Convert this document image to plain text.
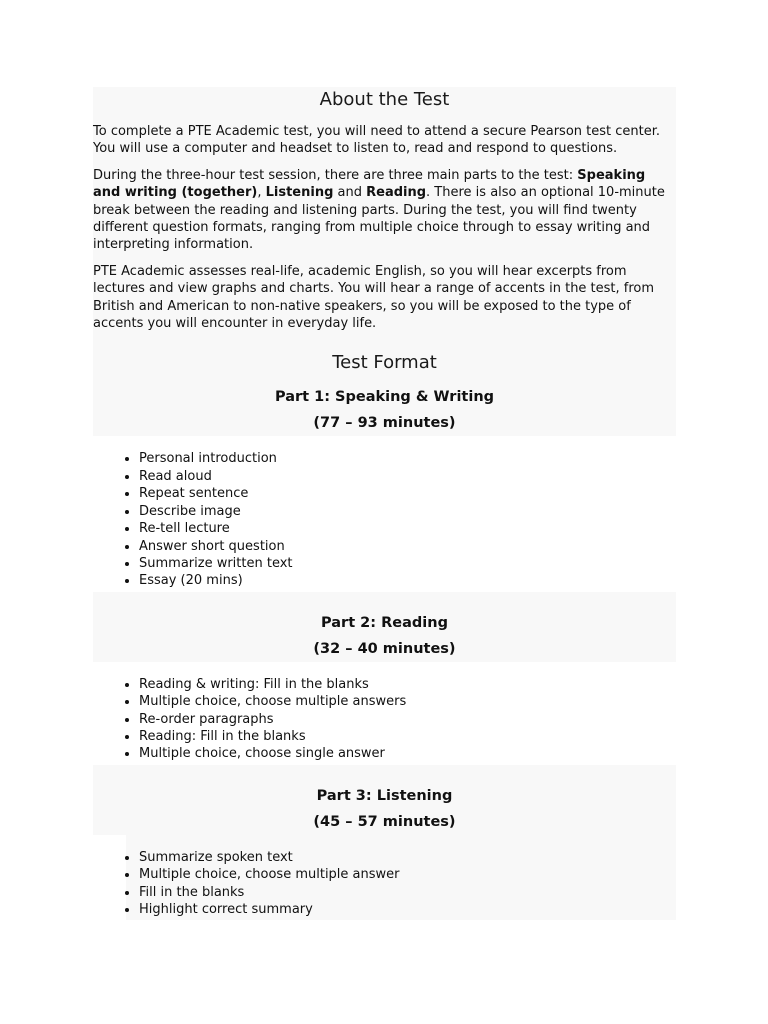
About the Test

To complete a PTE Academic test, you will need to attend a secure Pearson test center. You will use a computer and headset to listen to, read and respond to questions.

During the three-hour test session, there are three main parts to the test: Speaking and writing (together), Listening and Reading. There is also an optional 10-minute break between the reading and listening parts. During the test, you will find twenty different question formats, ranging from multiple choice through to essay writing and interpreting information.

PTE Academic assesses real-life, academic English, so you will hear excerpts from lectures and view graphs and charts. You will hear a range of accents in the test, from British and American to non-native speakers, so you will be exposed to the type of accents you will encounter in everyday life.

Test Format
Part 1: Speaking & Writing
(77 – 93 minutes)
• Personal introduction
• Read aloud
• Repeat sentence
• Describe image
• Re-tell lecture
• Answer short question
• Summarize written text
• Essay (20 mins)
Part 2: Reading
(32 – 40 minutes)
• Reading & writing: Fill in the blanks
• Multiple choice, choose multiple answers
• Re-order paragraphs
• Reading: Fill in the blanks
• Multiple choice, choose single answer
Part 3: Listening
(45 – 57 minutes)
• Summarize spoken text
• Multiple choice, choose multiple answer
• Fill in the blanks
• Highlight correct summary
